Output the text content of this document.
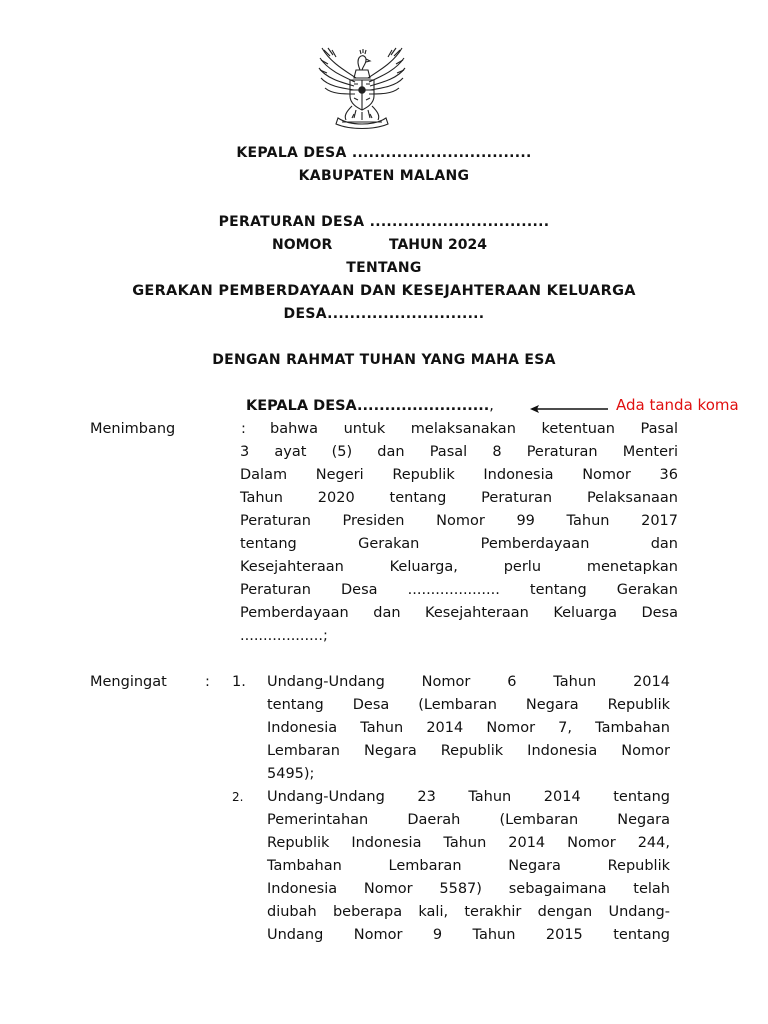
KEPALA DESA ................................
KABUPATEN MALANG
PERATURAN DESA ................................
NOMOR	TAHUN 2024
TENTANG
GERAKAN PEMBERDAYAAN DAN KESEJAHTERAAN KELUARGA
DESA............................
DENGAN RAHMAT TUHAN YANG MAHA ESA
KEPALA DESA........................,	Ada tanda koma
Menimbang	:	bahwa untuk melaksanakan ketentuan Pasal
3 ayat (5) dan Pasal 8 Peraturan Menteri
Dalam Negeri Republik Indonesia Nomor 36
Tahun 2020 tentang Peraturan Pelaksanaan
Peraturan Presiden Nomor 99 Tahun 2017
tentang Gerakan Pemberdayaan dan
Kesejahteraan Keluarga, perlu menetapkan
Peraturan Desa .................... tentang Gerakan
Pemberdayaan dan Kesejahteraan Keluarga Desa
..................;
Mengingat	: 1. Undang-Undang Nomor 6 Tahun 2014
tentang Desa (Lembaran Negara Republik
Indonesia Tahun 2014 Nomor 7, Tambahan
Lembaran Negara Republik Indonesia Nomor
5495);
2. Undang-Undang 23 Tahun 2014 tentang
Pemerintahan Daerah (Lembaran Negara
Republik Indonesia Tahun 2014 Nomor 244,
Tambahan Lembaran Negara Republik
Indonesia Nomor 5587) sebagaimana telah
diubah beberapa kali, terakhir dengan Undang-
Undang Nomor 9 Tahun 2015 tentang
